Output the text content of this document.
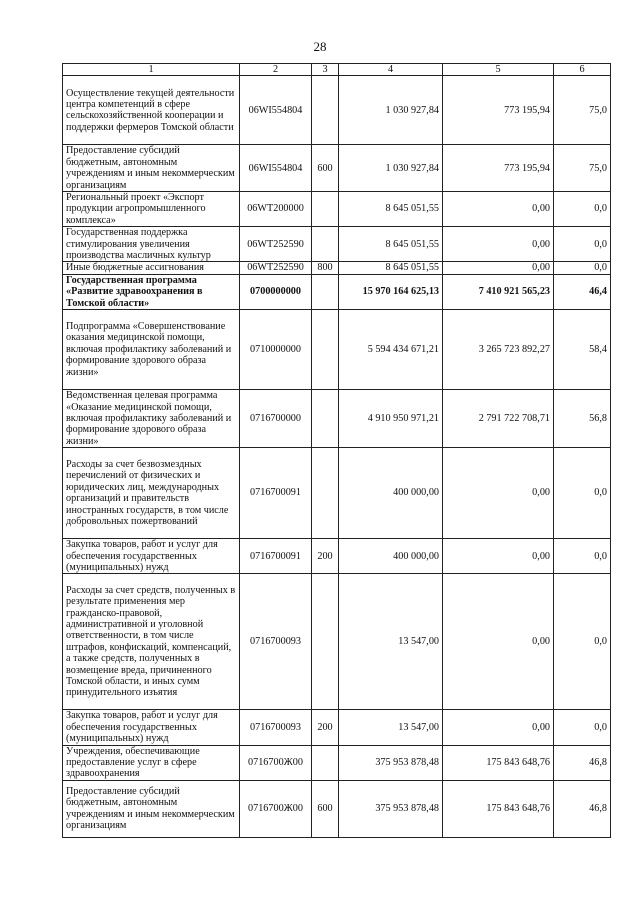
28
1	2	3	4	5	6
Осуществление текущей деятельности центра компетенций в сфере сельскохозяйственной кооперации и поддержки фермеров Томской области	06WI554804		1 030 927,84	773 195,94	75,0
Предоставление субсидий бюджетным, автономным учреждениям и иным некоммерческим организациям	06WI554804	600	1 030 927,84	773 195,94	75,0
Региональный проект «Экспорт продукции агропромышленного комплекса»	06WT200000		8 645 051,55	0,00	0,0
Государственная поддержка стимулирования увеличения производства масличных культур	06WT252590		8 645 051,55	0,00	0,0
Иные бюджетные ассигнования	06WT252590	800	8 645 051,55	0,00	0,0
Государственная программа «Развитие здравоохранения в Томской области»	0700000000		15 970 164 625,13	7 410 921 565,23	46,4
Подпрограмма «Совершенствование оказания медицинской помощи, включая профилактику заболеваний и формирование здорового образа жизни»	0710000000		5 594 434 671,21	3 265 723 892,27	58,4
Ведомственная целевая программа «Оказание медицинской помощи, включая профилактику заболеваний и формирование здорового образа жизни»	0716700000		4 910 950 971,21	2 791 722 708,71	56,8
Расходы за счет безвозмездных перечислений от физических и юридических лиц, международных организаций и правительств иностранных государств, в том числе добровольных пожертвований	0716700091		400 000,00	0,00	0,0
Закупка товаров, работ и услуг для обеспечения государственных (муниципальных) нужд	0716700091	200	400 000,00	0,00	0,0
Расходы за счет средств, полученных в результате применения мер гражданско-правовой, административной и уголовной ответственности, в том числе штрафов, конфискаций, компенсаций, а также средств, полученных в возмещение вреда, причиненного Томской области, и иных сумм принудительного изъятия	0716700093		13 547,00	0,00	0,0
Закупка товаров, работ и услуг для обеспечения государственных (муниципальных) нужд	0716700093	200	13 547,00	0,00	0,0
Учреждения, обеспечивающие предоставление услуг в сфере здравоохранения	0716700Ж00		375 953 878,48	175 843 648,76	46,8
Предоставление субсидий бюджетным, автономным учреждениям и иным некоммерческим организациям	0716700Ж00	600	375 953 878,48	175 843 648,76	46,8
